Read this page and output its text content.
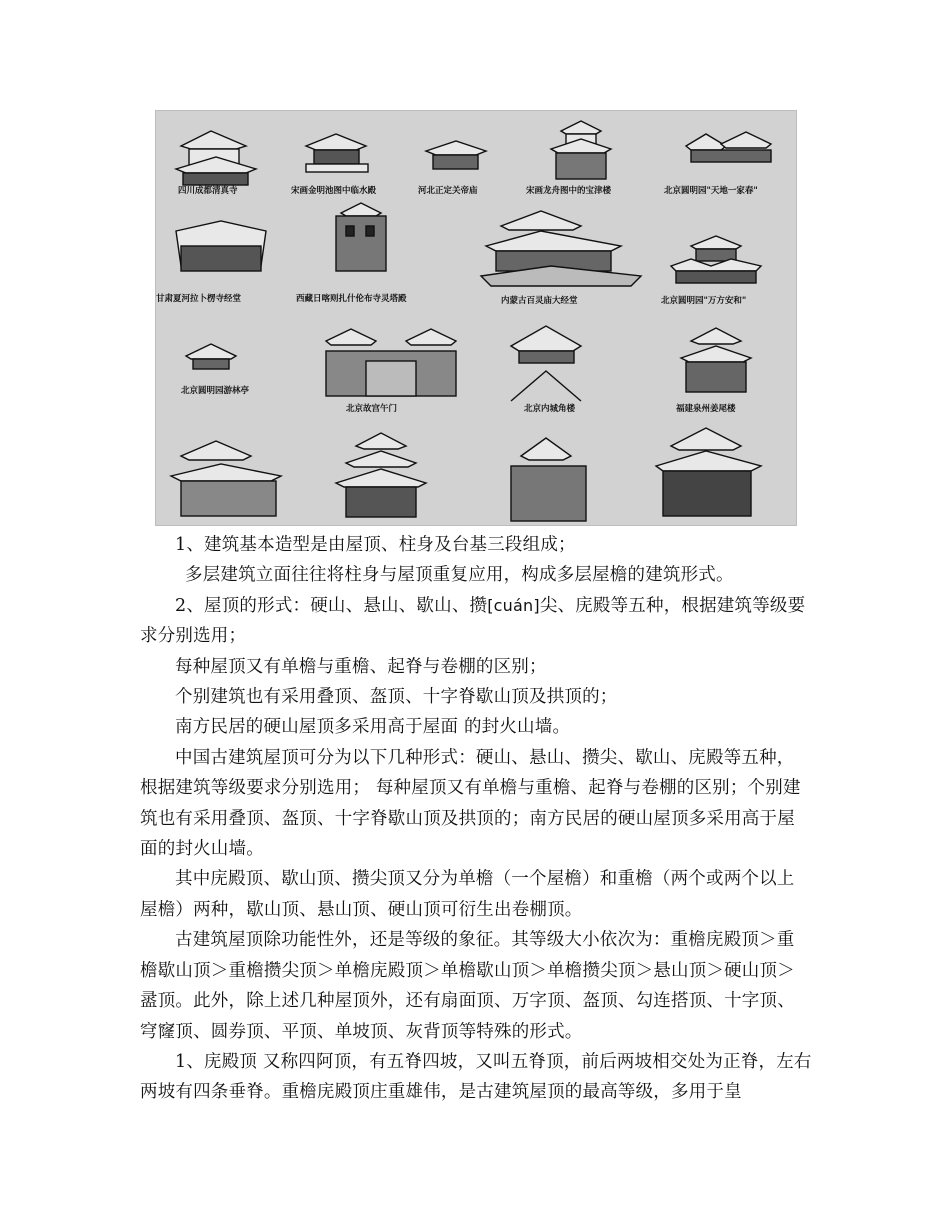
四川成都清真寺	宋画金明池图中临水殿	河北正定关帝庙	宋画龙舟图中的宝津楼	北京圆明园"天地一家春"
甘肃夏河拉卜楞寺经堂	西藏日喀则扎什伦布寺灵塔殿	内蒙古百灵庙大经堂	北京圆明园"万方安和"
北京圆明园游林亭
北京故宫午门	北京内城角楼	福建泉州姜尾楼

1、建筑基本造型是由屋顶、柱身及台基三段组成；

多层建筑立面往往将柱身与屋顶重复应用，构成多层屋檐的建筑形式。

2、屋顶的形式：硬山、悬山、歇山、攒[cuán]尖、庑殿等五种，根据建筑等级要求分别选用；

每种屋顶又有单檐与重檐、起脊与卷棚的区别；

个别建筑也有采用叠顶、盔顶、十字脊歇山顶及拱顶的；

南方民居的硬山屋顶多采用高于屋面 的封火山墙。

中国古建筑屋顶可分为以下几种形式：硬山、悬山、攒尖、歇山、庑殿等五种，根据建筑等级要求分别选用； 每种屋顶又有单檐与重檐、起脊与卷棚的区别；个别建筑也有采用叠顶、盔顶、十字脊歇山顶及拱顶的；南方民居的硬山屋顶多采用高于屋面的封火山墙。

其中庑殿顶、歇山顶、攒尖顶又分为单檐（一个屋檐）和重檐（两个或两个以上屋檐）两种，歇山顶、悬山顶、硬山顶可衍生出卷棚顶。

古建筑屋顶除功能性外，还是等级的象征。其等级大小依次为：重檐庑殿顶＞重檐歇山顶＞重檐攒尖顶＞单檐庑殿顶＞单檐歇山顶＞单檐攒尖顶＞悬山顶＞硬山顶＞盝顶。此外，除上述几种屋顶外，还有扇面顶、万字顶、盔顶、勾连搭顶、十字顶、穹窿顶、圆券顶、平顶、单坡顶、灰背顶等特殊的形式。

1、庑殿顶 又称四阿顶，有五脊四坡，又叫五脊顶，前后两坡相交处为正脊，左右两坡有四条垂脊。重檐庑殿顶庄重雄伟，是古建筑屋顶的最高等级，多用于皇
